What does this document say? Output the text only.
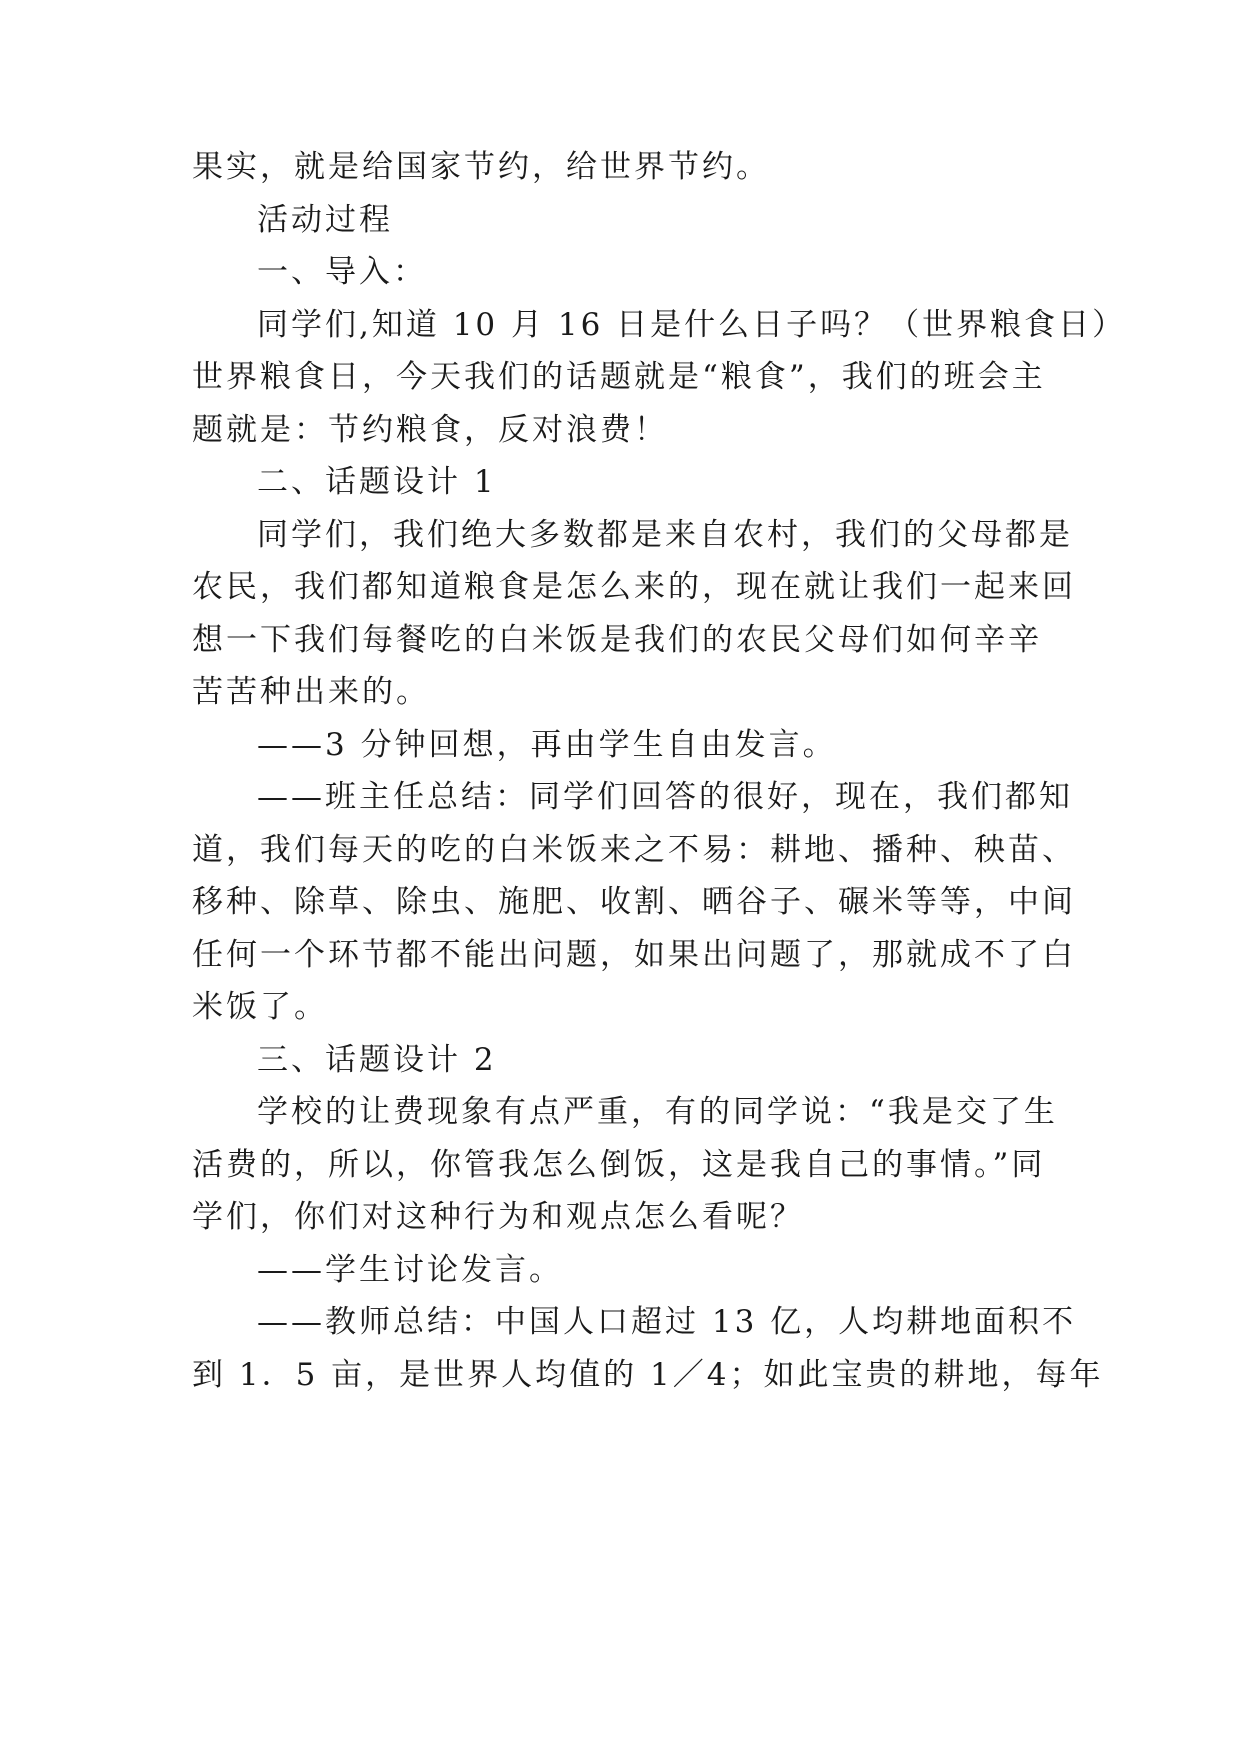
果实，就是给国家节约，给世界节约。

活动过程

一、导入：

同学们,知道 10 月 16 日是什么日子吗？（世界粮食日）

世界粮食日，今天我们的话题就是“粮食”，我们的班会主

题就是：节约粮食，反对浪费！

二、话题设计 1

同学们，我们绝大多数都是来自农村，我们的父母都是

农民，我们都知道粮食是怎么来的，现在就让我们一起来回

想一下我们每餐吃的白米饭是我们的农民父母们如何辛辛

苦苦种出来的。

——3 分钟回想，再由学生自由发言。

——班主任总结：同学们回答的很好，现在，我们都知

道，我们每天的吃的白米饭来之不易：耕地、播种、秧苗、

移种、除草、除虫、施肥、收割、晒谷子、碾米等等，中间

任何一个环节都不能出问题，如果出问题了，那就成不了白

米饭了。

三、话题设计 2

学校的让费现象有点严重，有的同学说：“我是交了生

活费的，所以，你管我怎么倒饭，这是我自己的事情。”同

学们，你们对这种行为和观点怎么看呢？

——学生讨论发言。

——教师总结：中国人口超过 13 亿，人均耕地面积不

到 1．5 亩，是世界人均值的 1／4；如此宝贵的耕地，每年
